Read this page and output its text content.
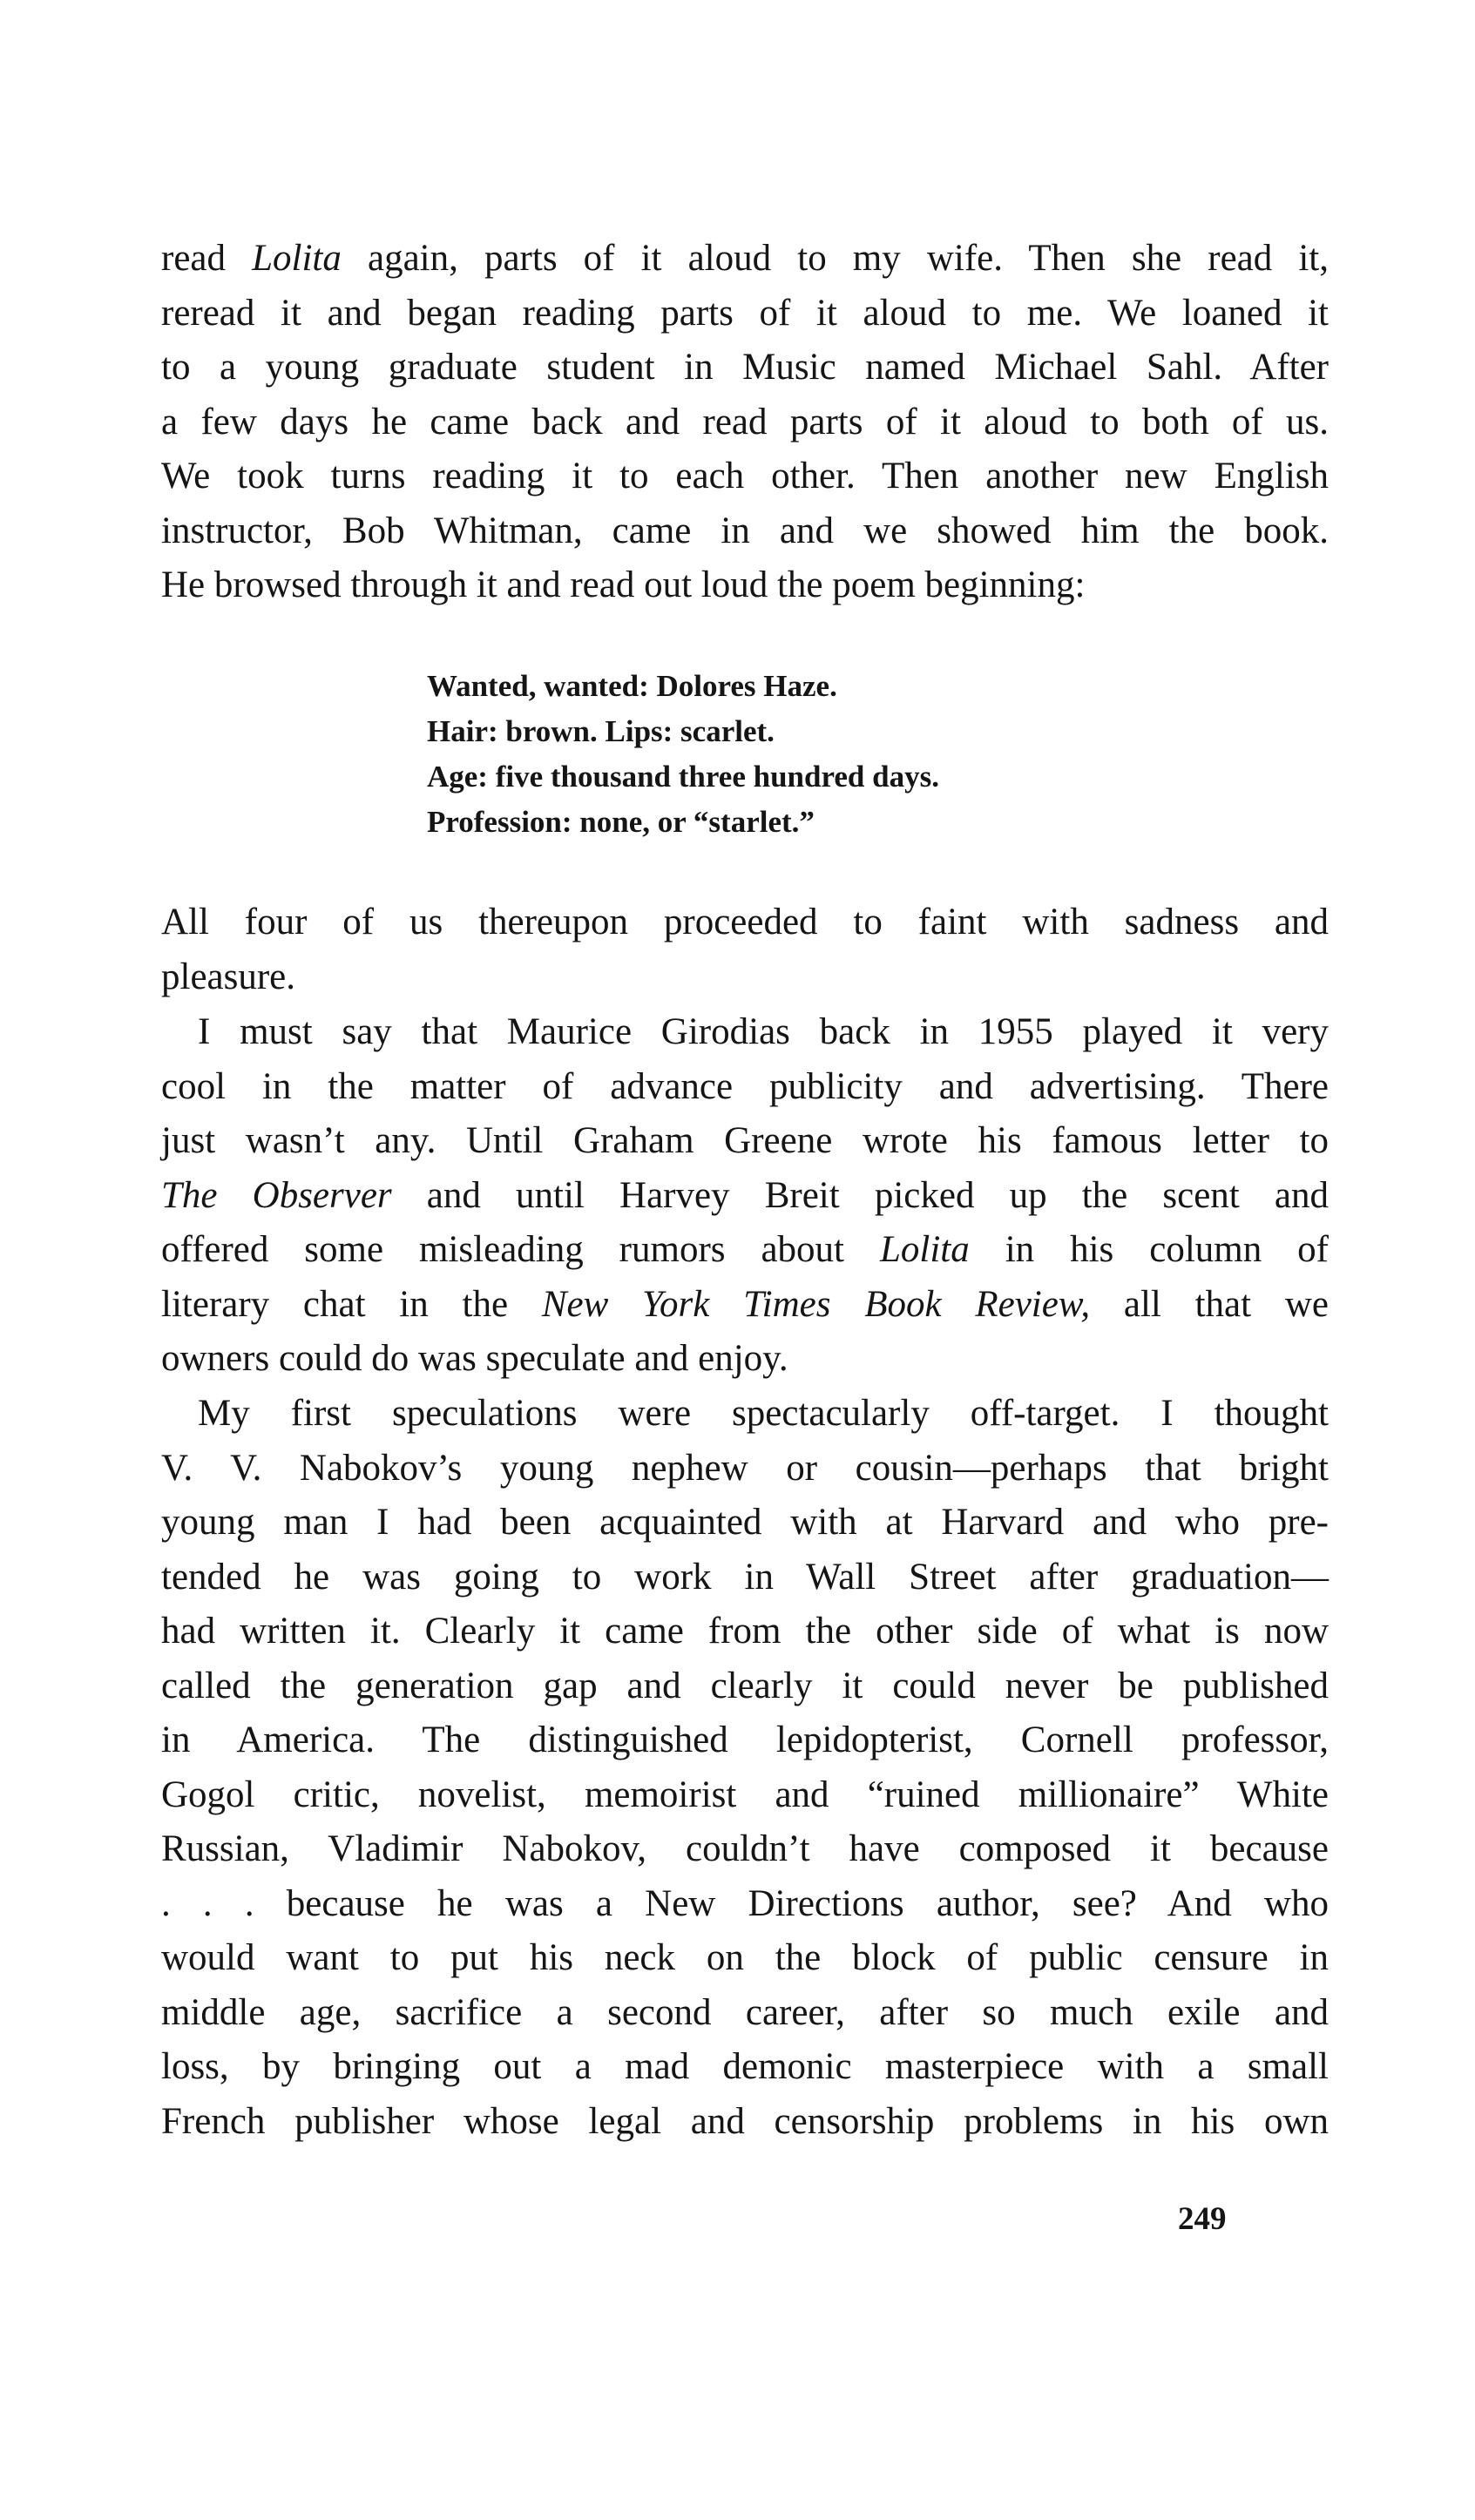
read Lolita again, parts of it aloud to my wife. Then she read it,
reread it and began reading parts of it aloud to me. We loaned it
to a young graduate student in Music named Michael Sahl. After
a few days he came back and read parts of it aloud to both of us.
We took turns reading it to each other. Then another new English
instructor, Bob Whitman, came in and we showed him the book.
He browsed through it and read out loud the poem beginning:
Wanted, wanted: Dolores Haze.
Hair: brown. Lips: scarlet.
Age: five thousand three hundred days.
Profession: none, or “starlet.”
All four of us thereupon proceeded to faint with sadness and
pleasure.
I must say that Maurice Girodias back in 1955 played it very
cool in the matter of advance publicity and advertising. There
just wasn’t any. Until Graham Greene wrote his famous letter to
The Observer and until Harvey Breit picked up the scent and
offered some misleading rumors about Lolita in his column of
literary chat in the New York Times Book Review, all that we
owners could do was speculate and enjoy.
My first speculations were spectacularly off-target. I thought
V. V. Nabokov’s young nephew or cousin—perhaps that bright
young man I had been acquainted with at Harvard and who pre-
tended he was going to work in Wall Street after graduation—
had written it. Clearly it came from the other side of what is now
called the generation gap and clearly it could never be published
in America. The distinguished lepidopterist, Cornell professor,
Gogol critic, novelist, memoirist and “ruined millionaire” White
Russian, Vladimir Nabokov, couldn’t have composed it because
. . . because he was a New Directions author, see? And who
would want to put his neck on the block of public censure in
middle age, sacrifice a second career, after so much exile and
loss, by bringing out a mad demonic masterpiece with a small
French publisher whose legal and censorship problems in his own
249
